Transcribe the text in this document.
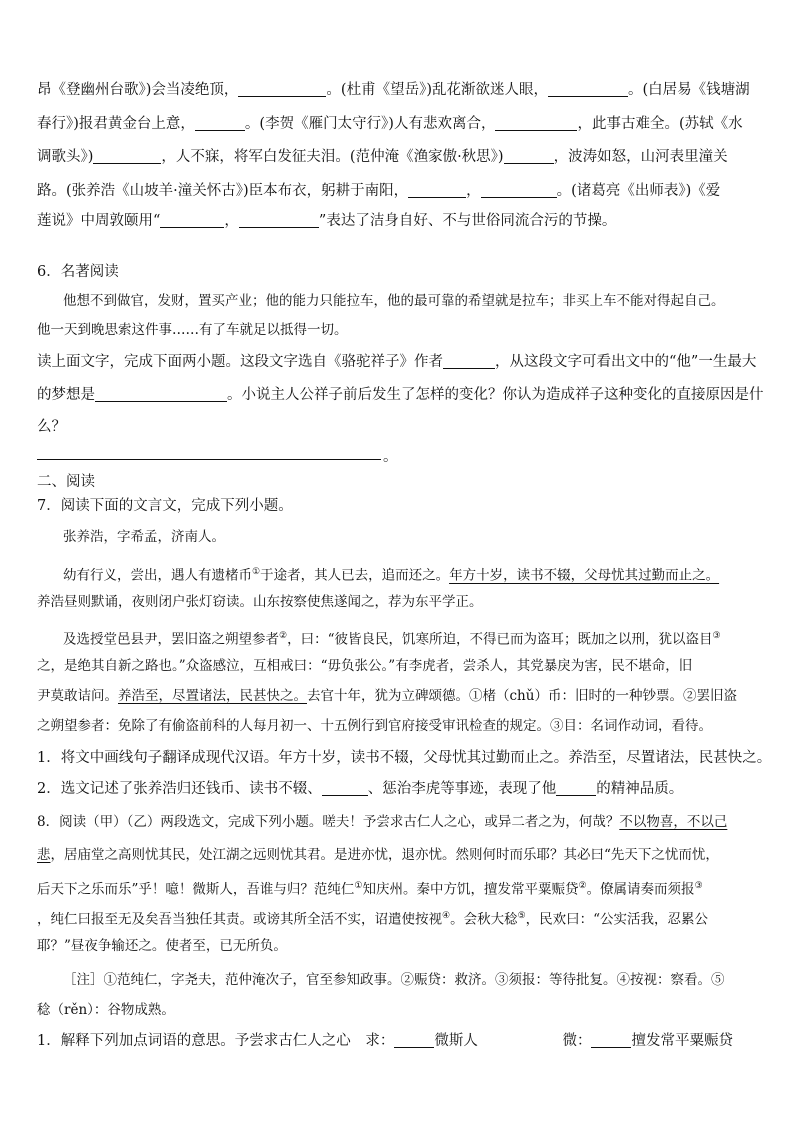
昂《登幽州台歌》)会当凌绝顶，	。(杜甫《望岳》)乱花渐欲迷人眼，	。(白居易《钱塘湖
春行》)报君黄金台上意，	。(李贺《雁门太守行》)人有悲欢离合，	，此事古难全。(苏轼《水
调歌头》)	，人不寐，将军白发征夫泪。(范仲淹《渔家傲·秋思》)	，波涛如怒，山河表里潼关
路。(张养浩《山坡羊·潼关怀古》)臣本布衣，躬耕于南阳，	，	。(诸葛亮《出师表》)《爱
莲说》中周敦颐用“	，	”表达了洁身自好、不与世俗同流合污的节操。
6．名著阅读
他想不到做官，发财，置买产业；他的能力只能拉车，他的最可靠的希望就是拉车；非买上车不能对得起自己。
他一天到晚思索这件事……有了车就足以抵得一切。
读上面文字，完成下面两小题。这段文字选自《骆驼祥子》作者	，从这段文字可看出文中的“他”一生最大
的梦想是	。小说主人公祥子前后发生了怎样的变化？你认为造成祥子这种变化的直接原因是什
么？
。
二、阅读
7．阅读下面的文言文，完成下列小题。
张养浩，字希孟，济南人。
幼有行义，尝出，遇人有遗楮币①于途者，其人已去，追而还之。年方十岁，读书不辍，父母忧其过勤而止之。
养浩昼则默诵，夜则闭户张灯窃读。山东按察使焦遂闻之，荐为东平学正。
及选授堂邑县尹，罢旧盗之朔望参者②，曰：“彼皆良民，饥寒所迫，不得已而为盗耳；既加之以刑，犹以盗目③
之，是绝其自新之路也。”众盗感泣，互相戒曰：“毋负张公。”有李虎者，尝杀人，其党暴戾为害，民不堪命，旧
尹莫敢诘问。养浩至，尽置诸法，民甚快之。去官十年，犹为立碑颂德。①楮（chǔ）币：旧时的一种钞票。②罢旧盗
之朔望参者：免除了有偷盗前科的人每月初一、十五例行到官府接受审讯检查的规定。③目：名词作动词，看待。
1．将文中画线句子翻译成现代汉语。年方十岁，读书不辍，父母忧其过勤而止之。养浩至，尽置诸法，民甚快之。
2．选文记述了张养浩归还钱币、读书不辍、	、惩治李虎等事迹，表现了他	的精神品质。
8．阅读（甲）（乙）两段选文，完成下列小题。嗟夫！予尝求古仁人之心，或异二者之为，何哉？不以物喜，不以己
悲，居庙堂之高则忧其民，处江湖之远则忧其君。是进亦忧，退亦忧。然则何时而乐耶？其必曰“先天下之忧而忧，
后天下之乐而乐”乎！噫！微斯人，吾谁与归？范纯仁①知庆州。秦中方饥，擅发常平粟赈贷②。僚属请奏而须报③
，纯仁曰报至无及矣吾当独任其责。或谤其所全活不实，诏遣使按视④。会秋大稔⑤，民欢曰：“公实活我，忍累公
耶？”昼夜争输还之。使者至，已无所负。
［注］①范纯仁，字尧夫，范仲淹次子，官至参知政事。②赈贷：救济。③须报：等待批复。④按视：察看。⑤
稔（rěn）：谷物成熟。
1．解释下列加点词语的意思。予尝求古仁人之心 求：	微斯人	微：	擅发常平粟赈贷
